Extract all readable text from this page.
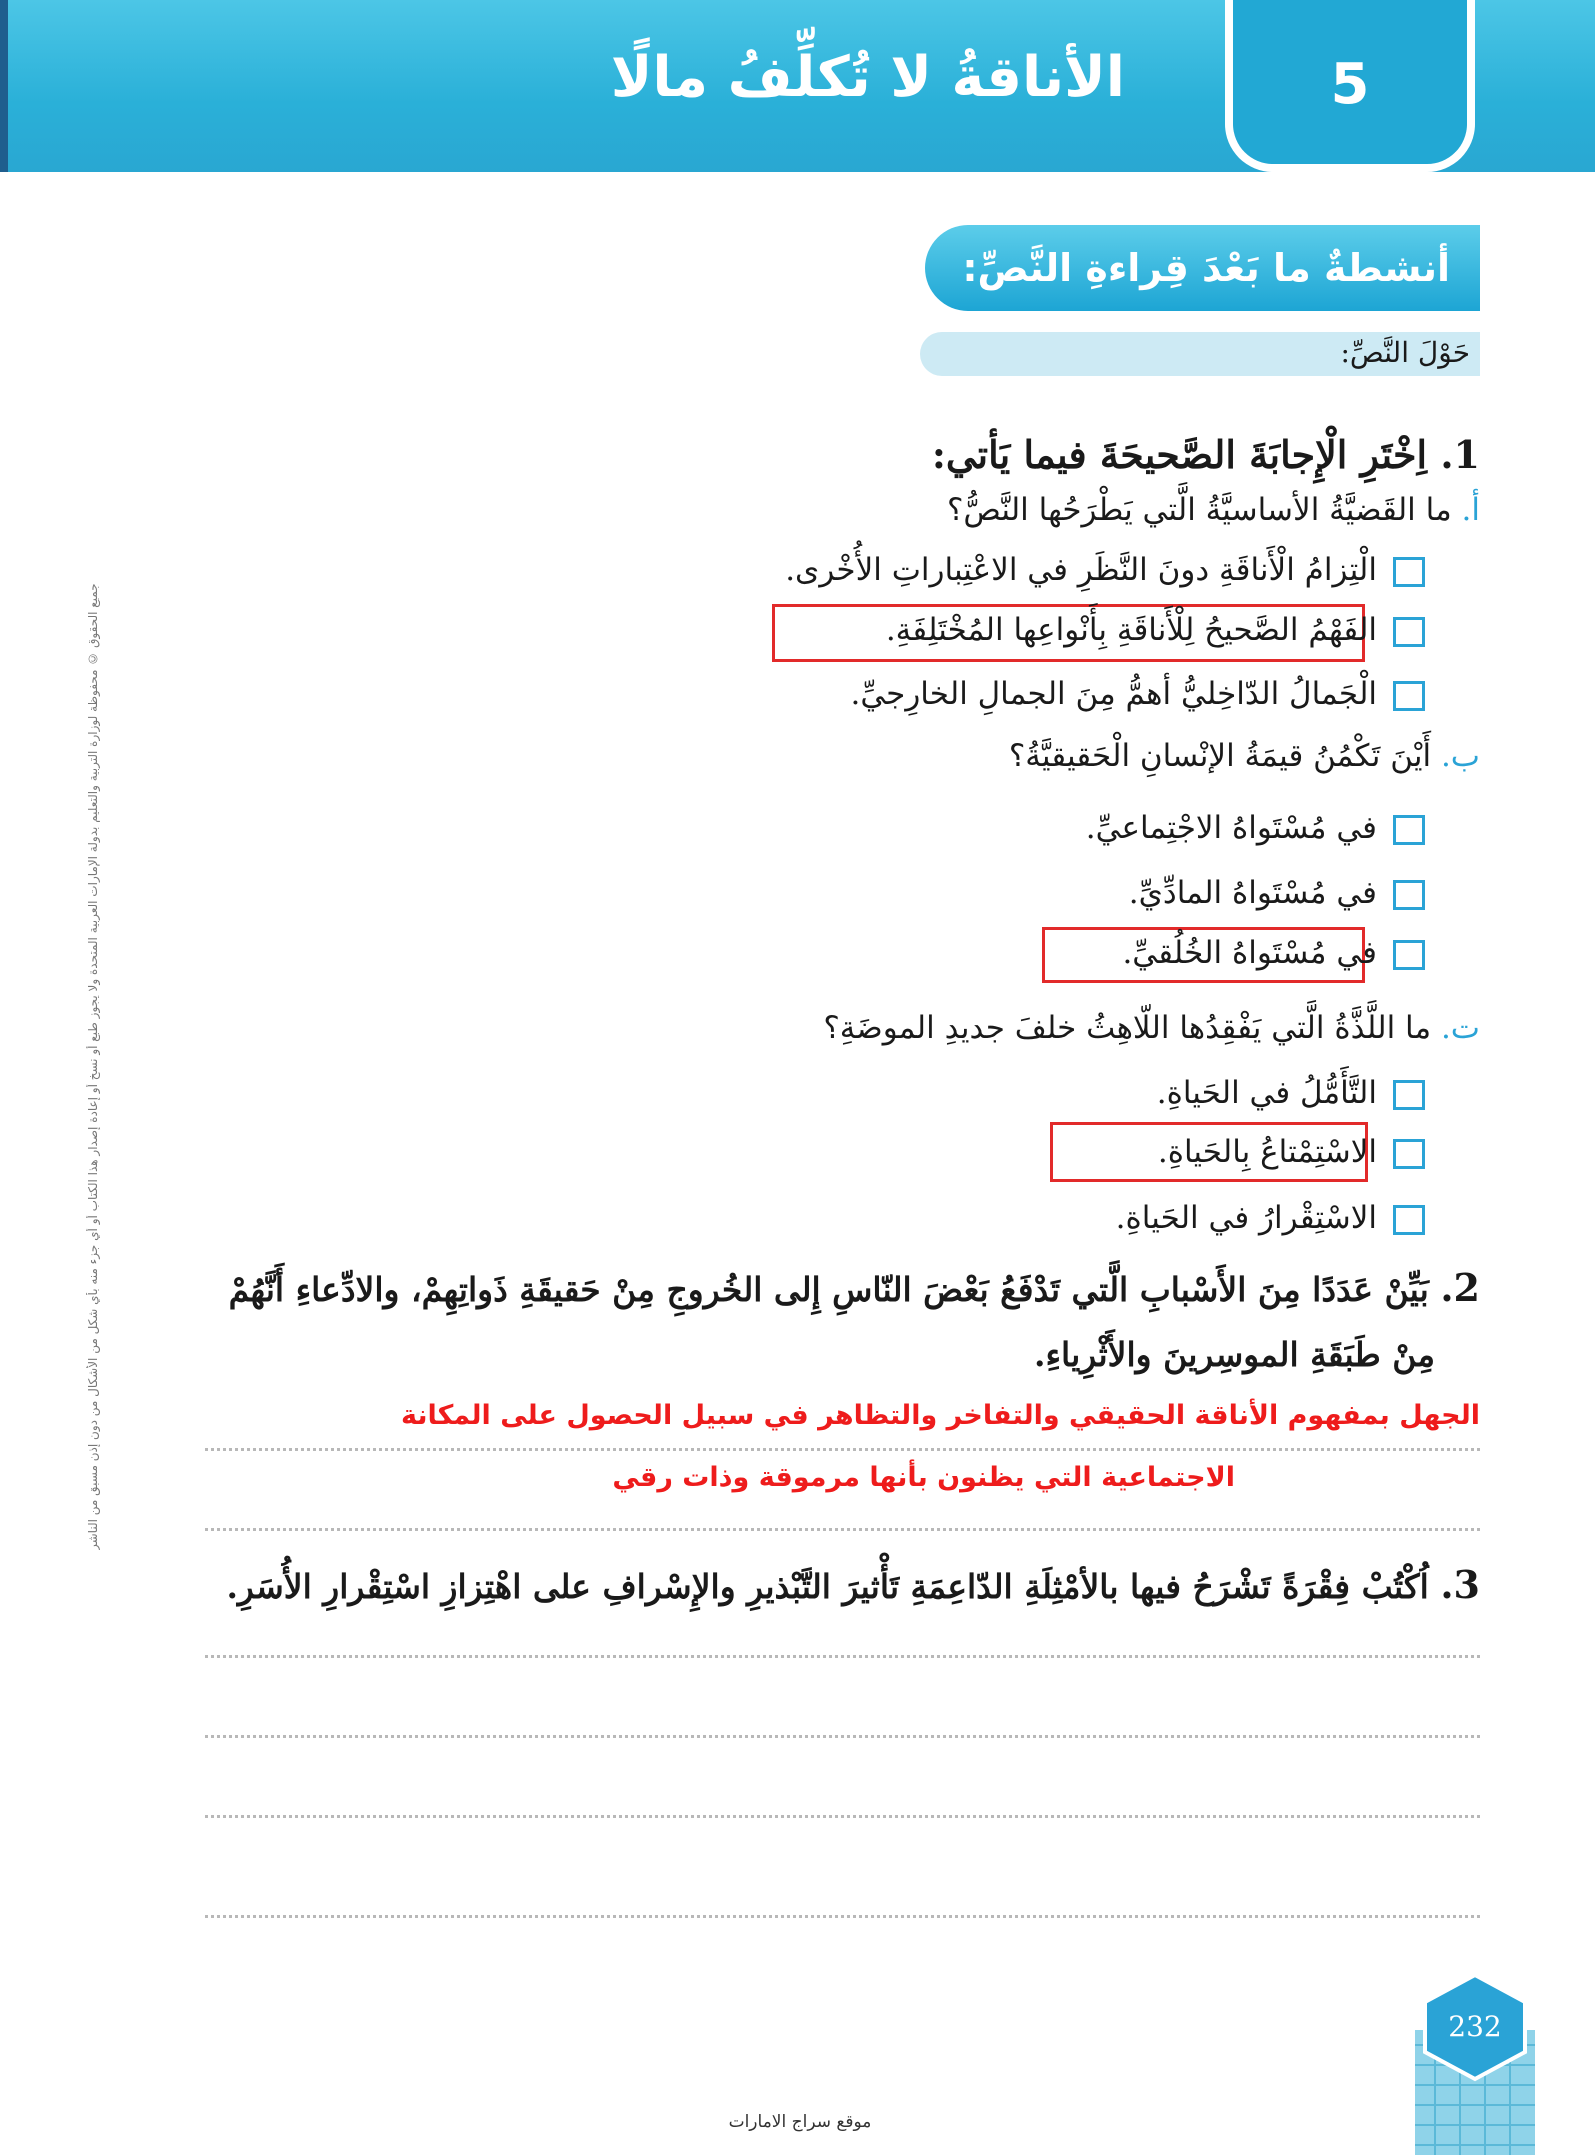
الأناقةُ لا تُكلِّفُ مالًا	5
أنشطةٌ ما بَعْدَ قِراءةِ النَّصِّ:
حَوْلَ النَّصِّ:
1. اِخْتَرِ الْإِجابَةَ الصَّحيحَةَ فيما يَأتي:
أ. ما القَضيَّةُ الأساسيَّةُ الَّتي يَطْرَحُها النَّصُّ؟
الْتِزامُ الْأَناقَةِ دونَ النَّظَرِ في الاعْتِباراتِ الأُخْرى.
الفَهْمُ الصَّحيحُ لِلْأَناقَةِ بِأَنْواعِها المُخْتَلِفَةِ.
الْجَمالُ الدّاخِليُّ أهمُّ مِنَ الجمالِ الخارِجيِّ.
ب. أَيْنَ تَكْمُنُ قيمَةُ الإنْسانِ الْحَقيقيَّةُ؟
في مُسْتَواهُ الاجْتِماعيِّ.
في مُسْتَواهُ المادِّيِّ.
في مُسْتَواهُ الخُلُقيِّ.
ت. ما اللَّذَّةُ الَّتي يَفْقِدُها اللّاهِثُ خلفَ جديدِ الموضَةِ؟
التَّأَمُّلُ في الحَياةِ.
الاسْتِمْتاعُ بِالحَياةِ.
الاسْتِقْرارُ في الحَياةِ.
2. بَيِّنْ عَدَدًا مِنَ الأَسْبابِ الَّتي تَدْفَعُ بَعْضَ النّاسِ إِلى الخُروجِ مِنْ حَقيقَةِ ذَواتِهِمْ، والادِّعاءِ أَنَّهُمْ
مِنْ طَبَقَةِ الموسِرينَ والأَثْرِياءِ.
الجهل بمفهوم الأناقة الحقيقي والتفاخر والتظاهر في سبيل الحصول على المكانة
الاجتماعية التي يظنون بأنها مرموقة وذات رقي
3. اُكْتُبْ فِقْرَةً تَشْرَحُ فيها بالأمْثِلَةِ الدّاعِمَةِ تَأْثيرَ التَّبْذيرِ والإِسْرافِ على اهْتِزازِ اسْتِقْرارِ الأُسَرِ.
جميع الحقوق © محفوظة لوزارة التربية والتعليم بدولة الإمارات العربية المتحدة ولا يجوز طبع أو نسخ أو إعادة إصدار هذا الكتاب أو أي جزء منه بأي شكل من الأشكال من دون إذن مسبق من الناشر
232
موقع سراج الامارات
